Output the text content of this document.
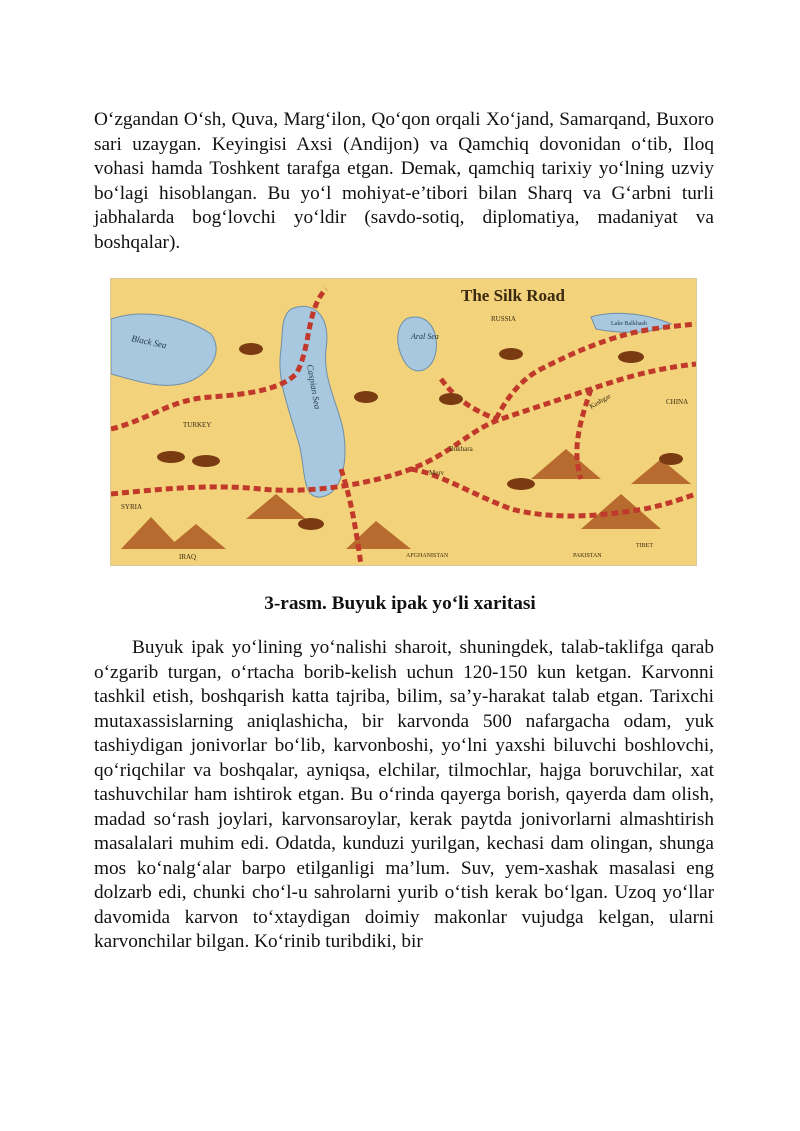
O‘zgandan O‘sh, Quva, Marg‘ilon, Qo‘qon orqali Xo‘jand, Samarqand, Buxoro sari uzaygan. Keyingisi Axsi (Andijon) va Qamchiq dovonidan o‘tib, Iloq vohasi hamda Toshkent tarafga etgan. Demak, qamchiq tarixiy yo‘lning uzviy bo‘lagi hisoblangan. Bu yo‘l mohiyat-e’tibori bilan Sharq va G‘arbni turli jabhalarda bog‘lovchi yo‘ldir (savdo-sotiq, diplomatiya, madaniyat va boshqalar).

The Silk Road
Black Sea
Caspian Sea
Aral Sea
RUSSIA
CHINA
TURKEY
SYRIA
IRAQ	AFGHANISTAN	PAKISTAN
TIBET
Merv
Bukhara
Kashgar
Lake Balkhash
3-rasm. Buyuk ipak yo‘li xaritasi

Buyuk ipak yo‘lining yo‘nalishi sharoit, shuningdek, talab-taklifga qarab o‘zgarib turgan, o‘rtacha borib-kelish uchun 120-150 kun ketgan. Karvonni tashkil etish, boshqarish katta tajriba, bilim, sa’y-harakat talab etgan. Tarixchi mutaxassislarning aniqlashicha, bir karvonda 500 nafargacha odam, yuk tashiydigan jonivorlar bo‘lib, karvonboshi, yo‘lni yaxshi biluvchi boshlovchi, qo‘riqchilar va boshqalar, ayniqsa, elchilar, tilmochlar, hajga boruvchilar, xat tashuvchilar ham ishtirok etgan. Bu o‘rinda qayerga borish, qayerda dam olish, madad so‘rash joylari, karvonsaroylar, kerak paytda jonivorlarni almashtirish masalalari muhim edi. Odatda, kunduzi yurilgan, kechasi dam olingan, shunga mos ko‘nalg‘alar barpo etilganligi ma’lum. Suv, yem-xashak masalasi eng dolzarb edi, chunki cho‘l-u sahrolarni yurib o‘tish kerak bo‘lgan. Uzoq yo‘llar davomida karvon to‘xtaydigan doimiy makonlar vujudga kelgan, ularni karvonchilar bilgan. Ko‘rinib turibdiki, bir
